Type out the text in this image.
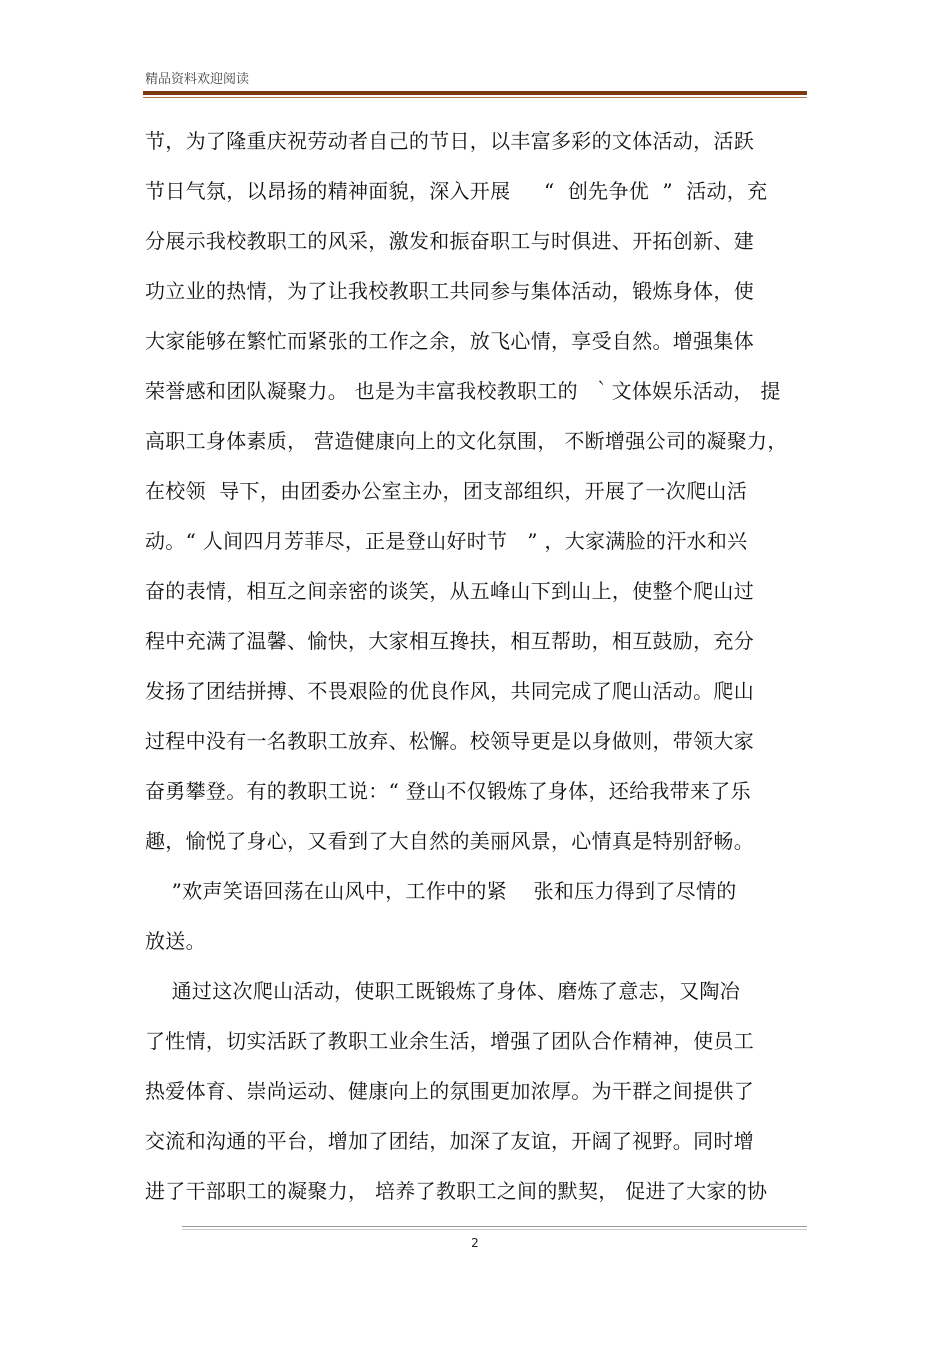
精品资料欢迎阅读
节，为了隆重庆祝劳动者自己的节日，以丰富多彩的文体活动，活跃
节日气氛，以昂扬的精神面貌，深入开展　  “  创先争优  ”  活动，充
分展示我校教职工的风采，激发和振奋职工与时俱进、开拓创新、建
功立业的热情，为了让我校教职工共同参与集体活动，锻炼身体，使
大家能够在繁忙而紧张的工作之余，放飞心情，享受自然。增强集体
荣誉感和团队凝聚力。 也是为丰富我校教职工的  ｀文体娱乐活动， 提
高职工身体素质， 营造健康向上的文化氛围， 不断增强公司的凝聚力，
在校领  导下，由团委办公室主办，团支部组织，开展了一次爬山活
动。“ 人间四月芳菲尽，正是登山好时节   ” ，大家满脸的汗水和兴
奋的表情，相互之间亲密的谈笑，从五峰山下到山上，使整个爬山过
程中充满了温馨、愉快，大家相互搀扶，相互帮助，相互鼓励，充分
发扬了团结拼搏、不畏艰险的优良作风，共同完成了爬山活动。爬山
过程中没有一名教职工放弃、松懈。校领导更是以身做则，带领大家
奋勇攀登。有的教职工说：“ 登山不仅锻炼了身体，还给我带来了乐
趣，愉悦了身心，又看到了大自然的美丽风景，心情真是特别舒畅。
”欢声笑语回荡在山风中，工作中的紧    张和压力得到了尽情的
放送。
通过这次爬山活动，使职工既锻炼了身体、磨炼了意志，又陶冶
了性情，切实活跃了教职工业余生活，增强了团队合作精神，使员工
热爱体育、崇尚运动、健康向上的氛围更加浓厚。为干群之间提供了
交流和沟通的平台，增加了团结，加深了友谊，开阔了视野。同时增
进了干部职工的凝聚力， 培养了教职工之间的默契， 促进了大家的协
2
